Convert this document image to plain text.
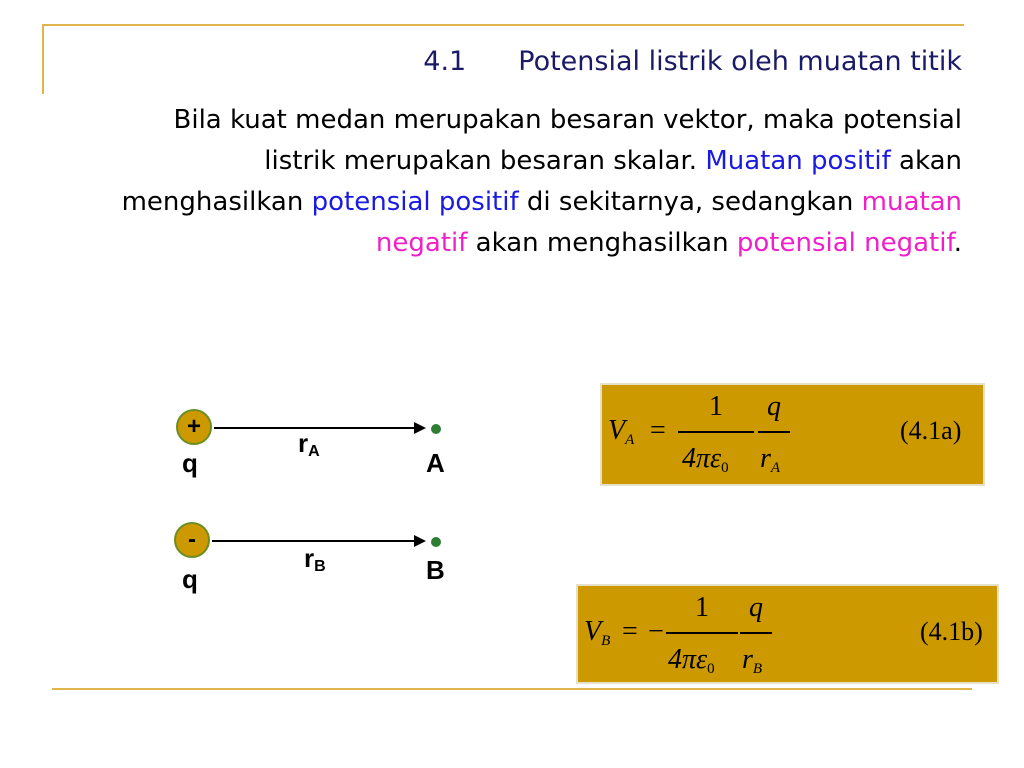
4.1 Potensial listrik oleh muatan titik
Bila kuat medan merupakan besaran vektor, maka potensial listrik merupakan besaran skalar. Muatan positif akan menghasilkan potensial positif di sekitarnya, sedangkan muatan negatif akan menghasilkan potensial negatif.
+
q
$r_A$	A
-
q
$r_B$	B
$V_A$ =
1
$4\pi\varepsilon_0$
q
$r_A$
(4.1a)
$V_B$ = −
1
$4\pi\varepsilon_0$
q
$r_B$
(4.1b)
